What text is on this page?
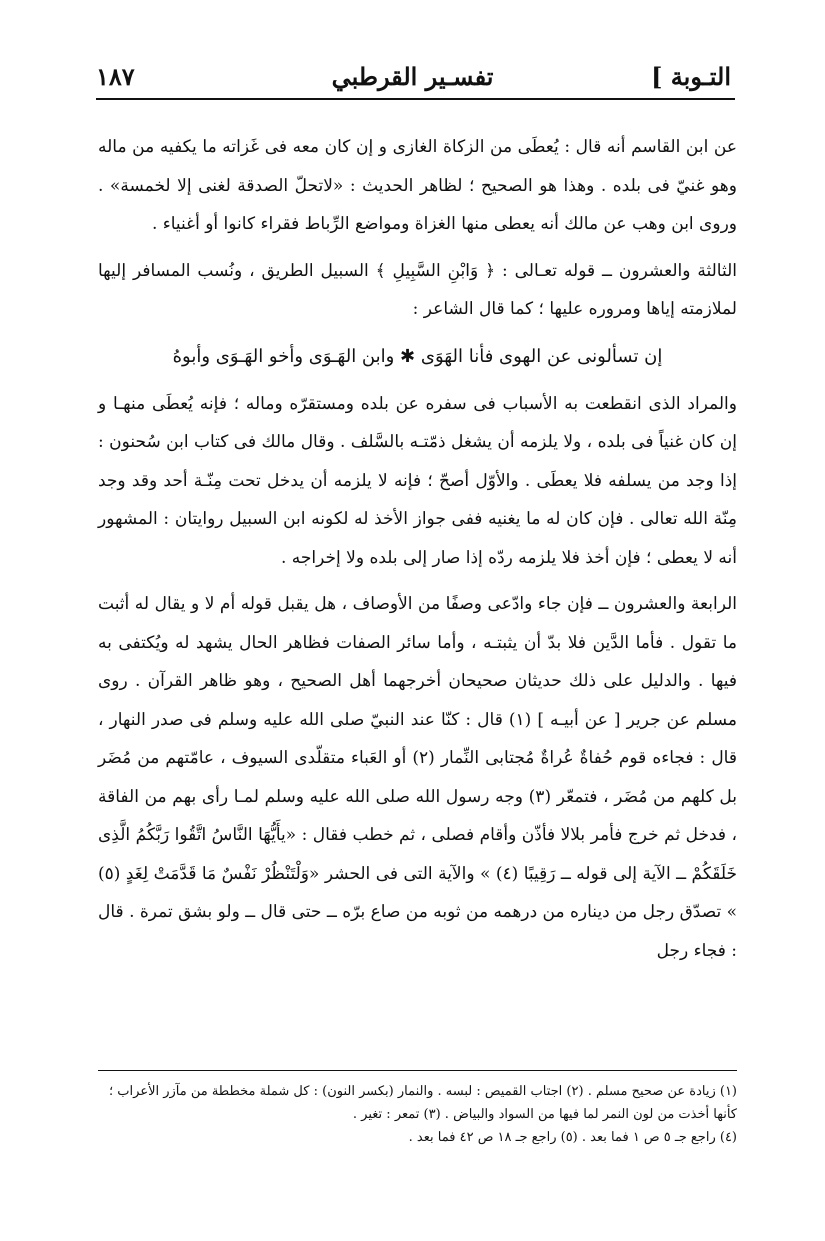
١٨٧	تفسـير القرطبي	التـوبة ]

عن ابن القاسم أنه قال : يُعطَى من الزكاة الغازى و إن كان معه فى غَزاته ما يكفيه من ماله وهو غنيّ فى بلده . وهذا هو الصحيح ؛ لظاهر الحديث : «لاتحلّ الصدقة لغنى إلا لخمسة» . وروى ابن وهب عن مالك أنه يعطى منها الغزاة ومواضع الرِّباط فقراء كانوا أو أغنياء .

الثالثة والعشرون ــ قوله تعـالى : ﴿ وَابْنِ السَّبِيلِ ﴾ السبيل الطريق ، ونُسب المسافر إليها لملازمته إياها ومروره عليها ؛ كما قال الشاعر :

إن تسألونى عن الهوى فأنا الهَوَى ✱ وابن الهَـوَى وأخو الهَـوَى وأبوهُ

والمراد الذى انقطعت به الأسباب فى سفره عن بلده ومستقرّه وماله ؛ فإنه يُعطَى منهـا و إن كان غنياً فى بلده ، ولا يلزمه أن يشغل ذمّتـه بالسَّلف . وقال مالك فى كتاب ابن سُحنون : إذا وجد من يسلفه فلا يعطَى . والأوّل أصحّ ؛ فإنه لا يلزمه أن يدخل تحت مِنّـة أحد وقد وجد مِنّة الله تعالى . فإن كان له ما يغنيه ففى جواز الأخذ له لكونه ابن السبيل روايتان : المشهور أنه لا يعطى ؛ فإن أخذ فلا يلزمه ردّه إذا صار إلى بلده ولا إخراجه .

الرابعة والعشرون ــ فإن جاء وادّعى وصفًا من الأوصاف ، هل يقبل قوله أم لا و يقال له أثبت ما تقول . فأما الدَّين فلا بدّ أن يثبتـه ، وأما سائر الصفات فظاهر الحال يشهد له ويُكتفى به فيها . والدليل على ذلك حديثان صحيحان أخرجهما أهل الصحيح ، وهو ظاهر القرآن . روى مسلم عن جرير [ عن أبيـه ] (١) قال : كنّا عند النبيّ صلى الله عليه وسلم فى صدر النهار ، قال : فجاءه قوم حُفاةٌ عُراةٌ مُجتابى النِّمار (٢) أو العَباء متقلّدى السيوف ، عامّتهم من مُضَر بل كلهم من مُضَر ، فتمعّر (٣) وجه رسول الله صلى الله عليه وسلم لمـا رأى بهم من الفاقة ، فدخل ثم خرج فأمر بلالا فأذّن وأقام فصلى ، ثم خطب فقال : «يأَيُّهَا النَّاسُ اتَّقُوا رَبَّكُمُ الَّذِى خَلَقَكُمْ ــ الآية إلى قوله ــ رَقِيبًا (٤) » والآية التى فى الحشر «وَلْتَنْظُرْ نَفْسٌ مَا قَدَّمَتْ لِغَدٍ (٥) » تصدّق رجل من ديناره من درهمه من ثوبه من صاع برّه ــ حتى قال ــ ولو بشق تمرة . قال : فجاء رجل

(١) زيادة عن صحيح مسلم . (٢) اجتاب القميص : لبسه . والنمار (بكسر النون) : كل شملة مخططة من مآزر الأعراب ؛ كأنها أخذت من لون النمر لما فيها من السواد والبياض . (٣) تمعر : تغير .

(٤) راجع جـ ٥ ص ١ فما بعد . (٥) راجع جـ ١٨ ص ٤٢ فما بعد .
